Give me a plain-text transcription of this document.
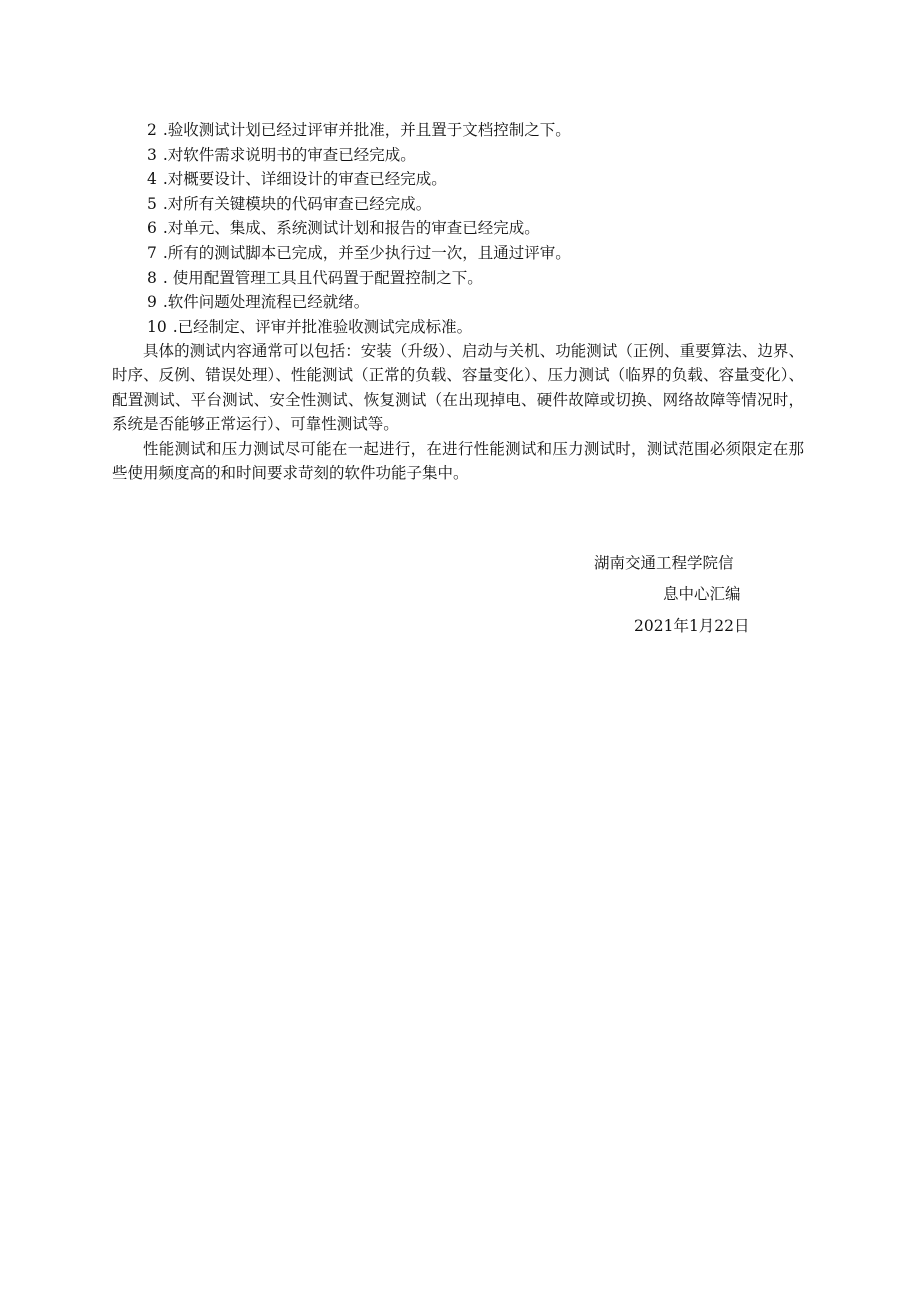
2 .验收测试计划已经过评审并批准，并且置于文档控制之下。
3 .对软件需求说明书的审查已经完成。
4 .对概要设计、详细设计的审查已经完成。
5 .对所有关键模块的代码审查已经完成。
6 .对单元、集成、系统测试计划和报告的审查已经完成。
7 .所有的测试脚本已完成，并至少执行过一次，且通过评审。
8 . 使用配置管理工具且代码置于配置控制之下。
9 .软件问题处理流程已经就绪。
10 .已经制定、评审并批准验收测试完成标准。

具体的测试内容通常可以包括：安装（升级）、启动与关机、功能测试（正例、重要算法、边界、时序、反例、错误处理）、性能测试（正常的负载、容量变化）、压力测试（临界的负载、容量变化）、配置测试、平台测试、安全性测试、恢复测试（在出现掉电、硬件故障或切换、网络故障等情况时，系统是否能够正常运行）、可靠性测试等。

性能测试和压力测试尽可能在一起进行，在进行性能测试和压力测试时，测试范围必须限定在那些使用频度高的和时间要求苛刻的软件功能子集中。

湖南交通工程学院信
息中心汇编
2021年1月22日
